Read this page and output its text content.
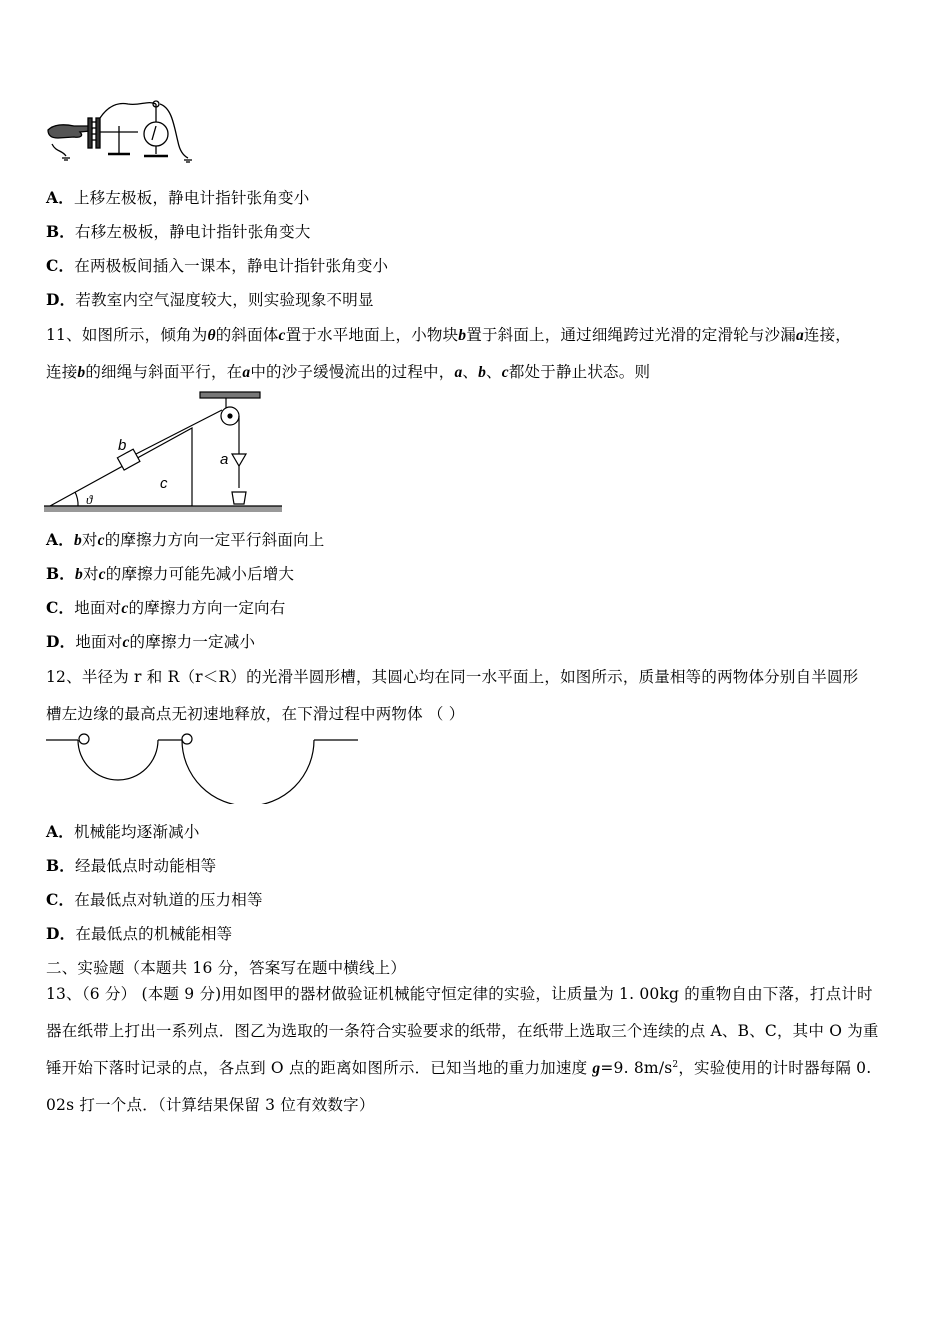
A．上移左极板，静电计指针张角变小
B．右移左极板，静电计指针张角变大
C．在两极板间插入一课本，静电计指针张角变小
D．若教室内空气湿度较大，则实验现象不明显
11、如图所示，倾角为θ的斜面体c置于水平地面上，小物块b置于斜面上，通过细绳跨过光滑的定滑轮与沙漏a连接，
连接b的细绳与斜面平行，在a中的沙子缓慢流出的过程中，a、b、c都处于静止状态。则
b
c
a
ϑ
A．b对c的摩擦力方向一定平行斜面向上
B．b对c的摩擦力可能先减小后增大
C．地面对c的摩擦力方向一定向右
D．地面对c的摩擦力一定减小
12、半径为 r 和 R（r＜R）的光滑半圆形槽，其圆心均在同一水平面上，如图所示，质量相等的两物体分别自半圆形
槽左边缘的最高点无初速地释放，在下滑过程中两物体 （ ）
A．机械能均逐渐减小
B．经最低点时动能相等
C．在最低点对轨道的压力相等
D．在最低点的机械能相等
二、实验题（本题共 16 分，答案写在题中横线上）
13、（6 分） (本题 9 分)用如图甲的器材做验证机械能守恒定律的实验，让质量为 1. 00kg 的重物自由下落，打点计时
器在纸带上打出一系列点．图乙为选取的一条符合实验要求的纸带，在纸带上选取三个连续的点 A、B、C，其中 O 为重
锤开始下落时记录的点，各点到 O 点的距离如图所示．已知当地的重力加速度 g=9. $8m/s^2$，实验使用的计时器每隔 0.
02s 打一个点．（计算结果保留 3 位有效数字）
